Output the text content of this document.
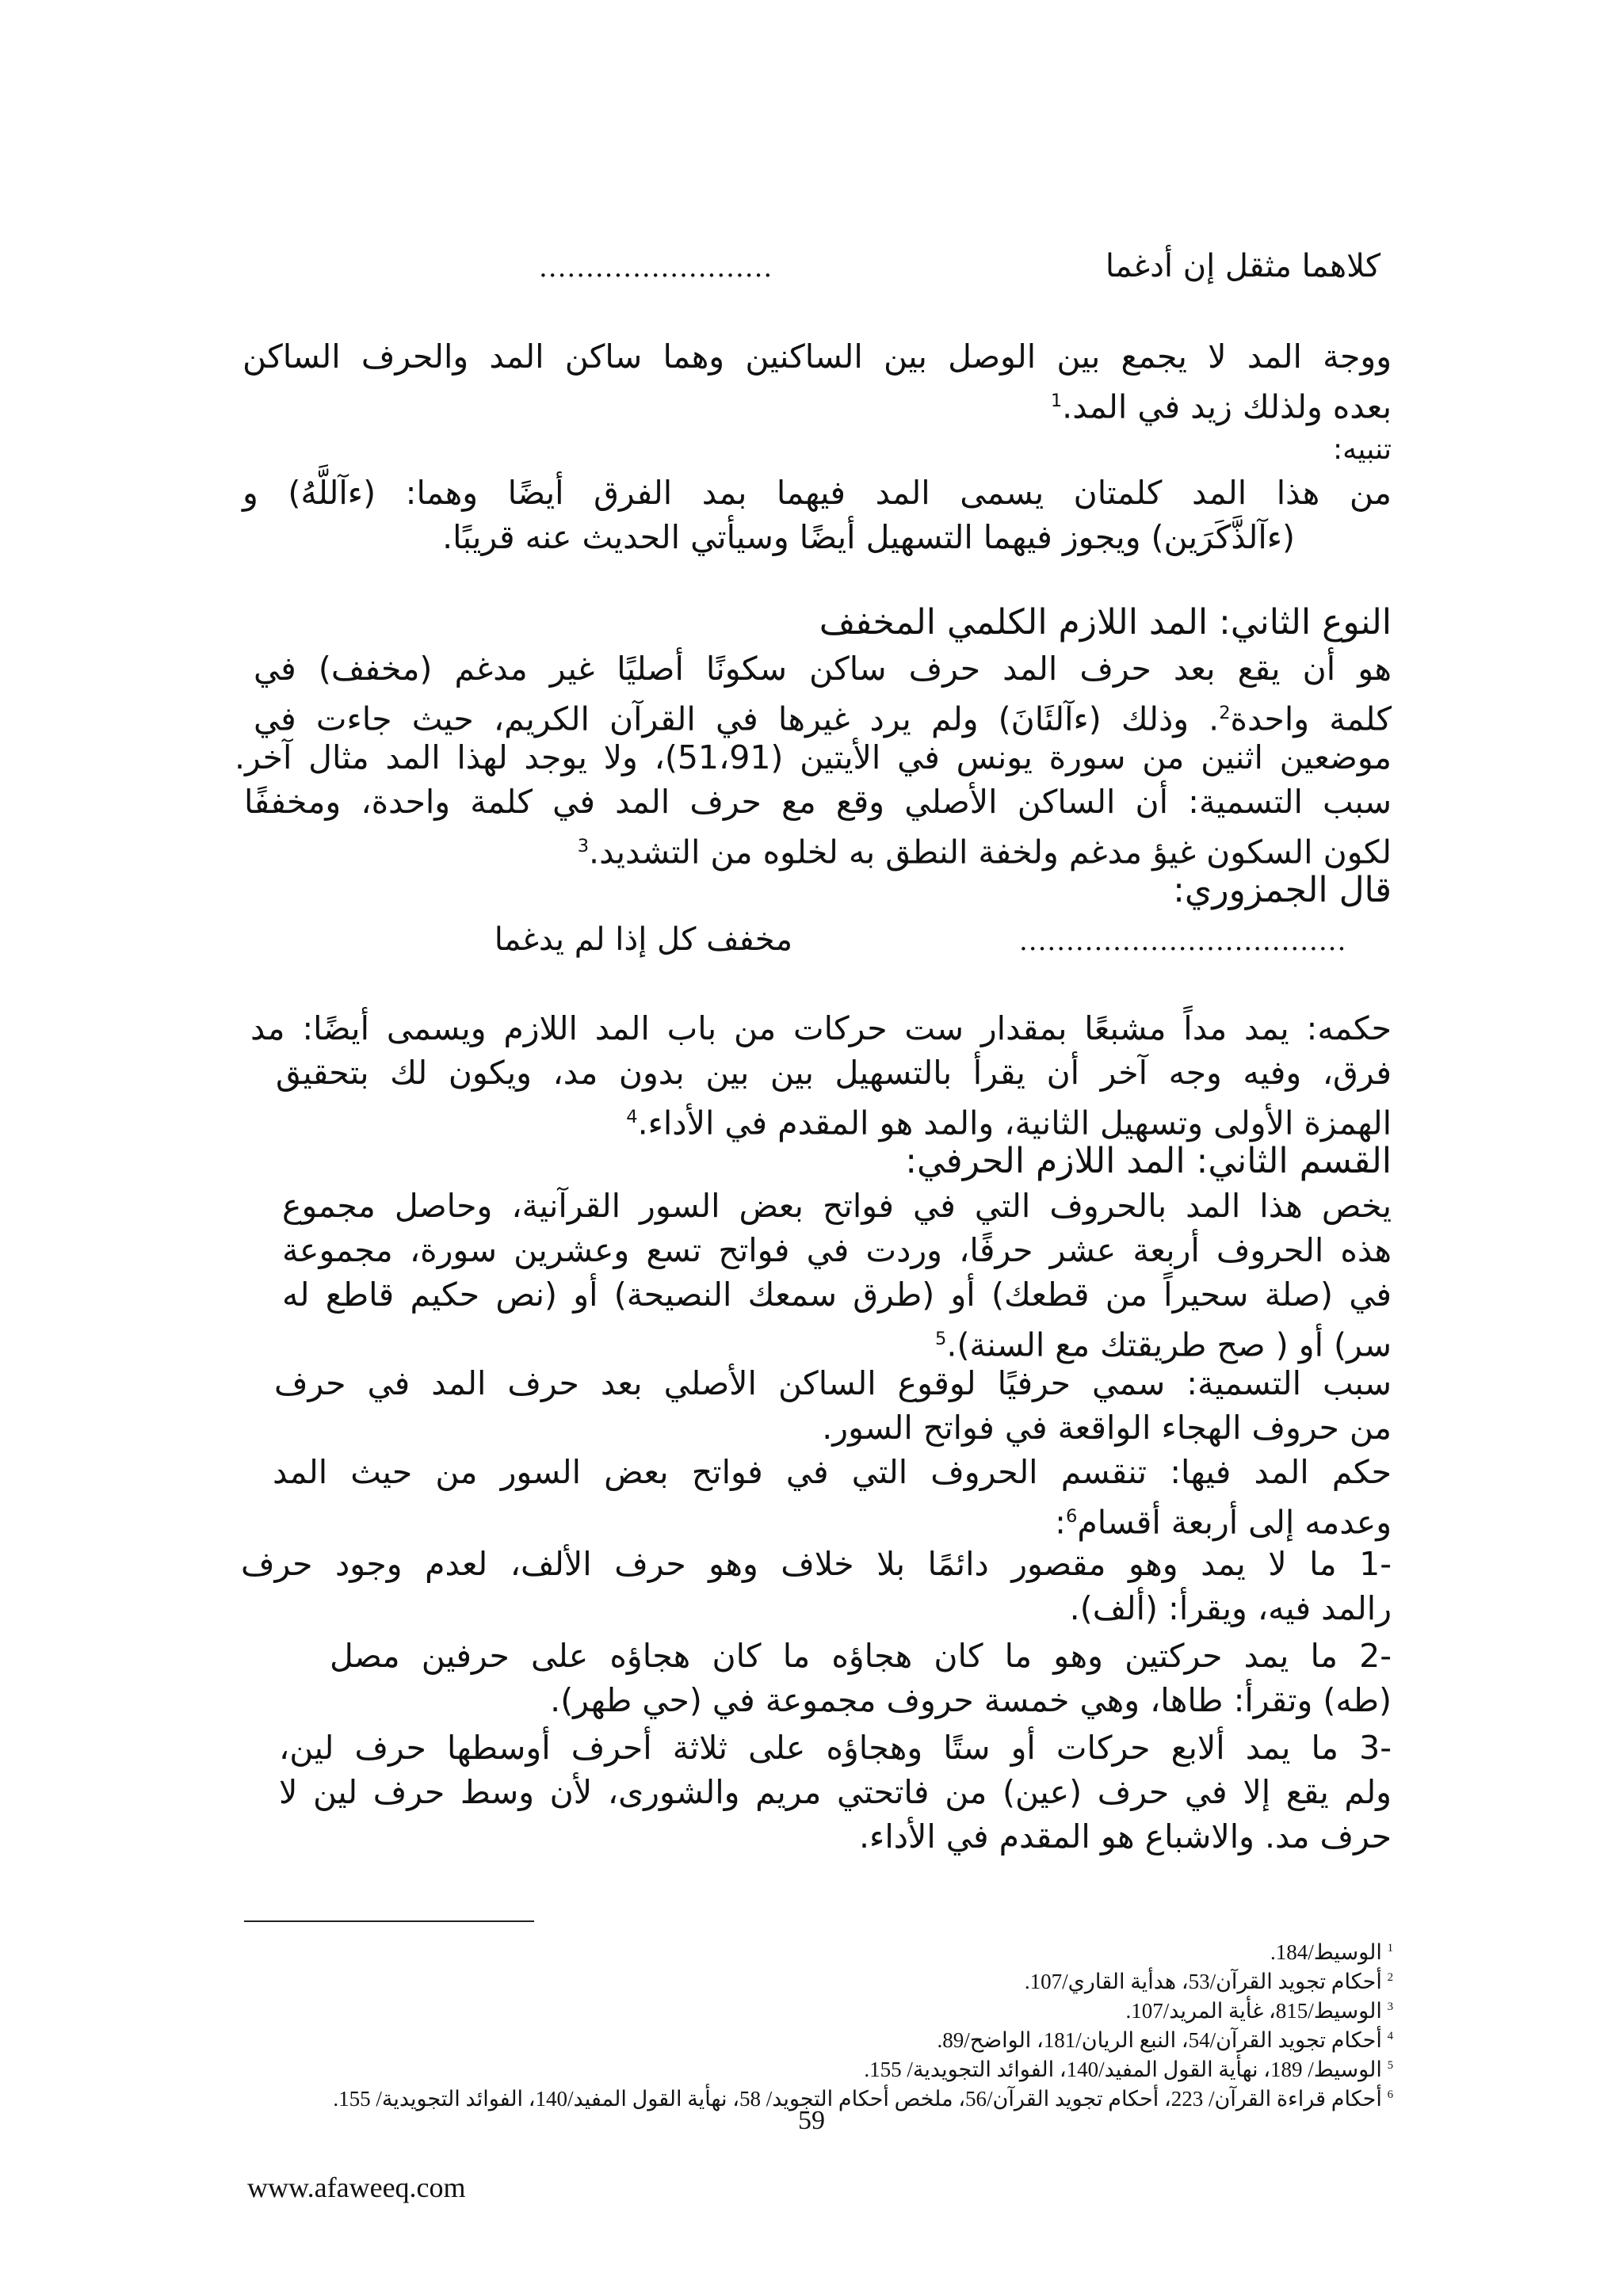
كلاهما مثقل إن أدغما
.........................
ووجة المد لا يجمع بين الوصل بين الساكنين وهما ساكن المد والحرف الساكن
بعده ولذلك زيد في المد.$^1$
تنبيه:
من هذا المد كلمتان يسمى المد فيهما بمد الفرق أيضًا وهما: (ءآللَّهُ) و
(ءآلذَّكَرَين) ويجوز فيهما التسهيل أيضًا وسيأتي الحديث عنه قريبًا.
النوع الثاني: المد اللازم الكلمي المخفف
هو أن يقع بعد حرف المد حرف ساكن سكونًا أصليًا غير مدغم (مخفف) في
كلمة واحدة$^2$. وذلك (ءآلئَانَ) ولم يرد غيرها في القرآن الكريم، حيث جاءت في
موضعين اثنين من سورة يونس في الأيتين (51،91)، ولا يوجد لهذا المد مثال آخر.
سبب التسمية: أن الساكن الأصلي وقع مع حرف المد في كلمة واحدة، ومخففًا
لكون السكون غيؤ مدغم ولخفة النطق به لخلوه من التشديد.$^3$
قال الجمزوري:
مخفف كل إذا لم يدغما	...................................
حكمه: يمد مداً مشبعًا بمقدار ست حركات من باب المد اللازم ويسمى أيضًا: مد
فرق، وفيه وجه آخر أن يقرأ بالتسهيل بين بين بدون مد، ويكون لك بتحقيق
الهمزة الأولى وتسهيل الثانية، والمد هو المقدم في الأداء.$^4$
القسم الثاني: المد اللازم الحرفي:
يخص هذا المد بالحروف التي في فواتح بعض السور القرآنية، وحاصل مجموع
هذه الحروف أربعة عشر حرفًا، وردت في فواتح تسع وعشرين سورة، مجموعة
في (صلة سحيراً من قطعك) أو (طرق سمعك النصيحة) أو (نص حكيم قاطع له
سر) أو ( صح طريقتك مع السنة).$^5$
سبب التسمية: سمي حرفيًا لوقوع الساكن الأصلي بعد حرف المد في حرف
من حروف الهجاء الواقعة في فواتح السور.
حكم المد فيها: تنقسم الحروف التي في فواتح بعض السور من حيث المد
وعدمه إلى أربعة أقسام$^6$:
-1 ما لا يمد وهو مقصور دائمًا بلا خلاف وهو حرف الألف، لعدم وجود حرف
رالمد فيه، ويقرأ: (ألف).
-2 ما يمد حركتين وهو ما كان هجاؤه ما كان هجاؤه على حرفين مصل
(طه) وتقرأ: طاها، وهي خمسة حروف مجموعة في (حي طهر).
-3 ما يمد ألابع حركات أو ستًا وهجاؤه على ثلاثة أحرف أوسطها حرف لين،
ولم يقع إلا في حرف (عين) من فاتحتي مريم والشورى، لأن وسط حرف لين لا
حرف مد. والاشباع هو المقدم في الأداء.
$^1$ الوسيط/184.
$^2$ أحكام تجويد القرآن/53، هدأية القاري/107.
$^3$ الوسيط/815، غأية المريد/107.
$^4$ أحكام تجويد القرآن/54، النبع الريان/181، الواضح/89.
$^5$ الوسيط/ 189، نهأية القول المفيد/140، الفوائد التجويدية/ 155.
$^6$ أحكام قراءة القرآن/ 223، أحكام تجويد القرآن/56، ملخص أحكام التجويد/ 58، نهأية القول المفيد/140، الفوائد التجويدية/ 155.
59
www.afaweeq.com
